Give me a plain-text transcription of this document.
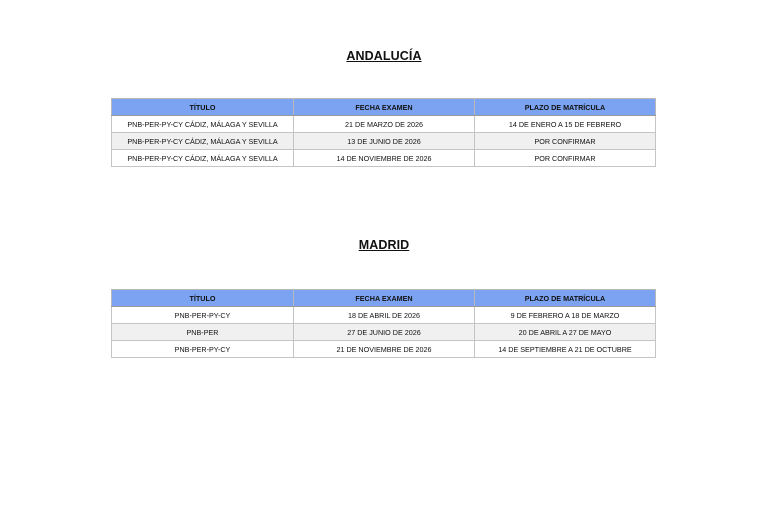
ANDALUCÍA
TÍTULO	FECHA EXAMEN	PLAZO DE MATRÍCULA
PNB-PER-PY-CY CÁDIZ, MÁLAGA Y SEVILLA	21 DE MARZO DE 2026	14 DE ENERO A 15 DE FEBRERO
PNB-PER-PY-CY CÁDIZ, MÁLAGA Y SEVILLA	13 DE JUNIO DE 2026	POR CONFIRMAR
PNB-PER-PY-CY CÁDIZ, MÁLAGA Y SEVILLA	14 DE NOVIEMBRE DE 2026	POR CONFIRMAR
MADRID
TÍTULO	FECHA EXAMEN	PLAZO DE MATRÍCULA
PNB-PER-PY-CY	18 DE ABRIL DE 2026	9 DE FEBRERO A 18 DE MARZO
PNB-PER	27 DE JUNIO DE 2026	20 DE ABRIL A 27 DE MAYO
PNB-PER-PY-CY	21 DE NOVIEMBRE DE 2026	14 DE SEPTIEMBRE A 21 DE OCTUBRE
